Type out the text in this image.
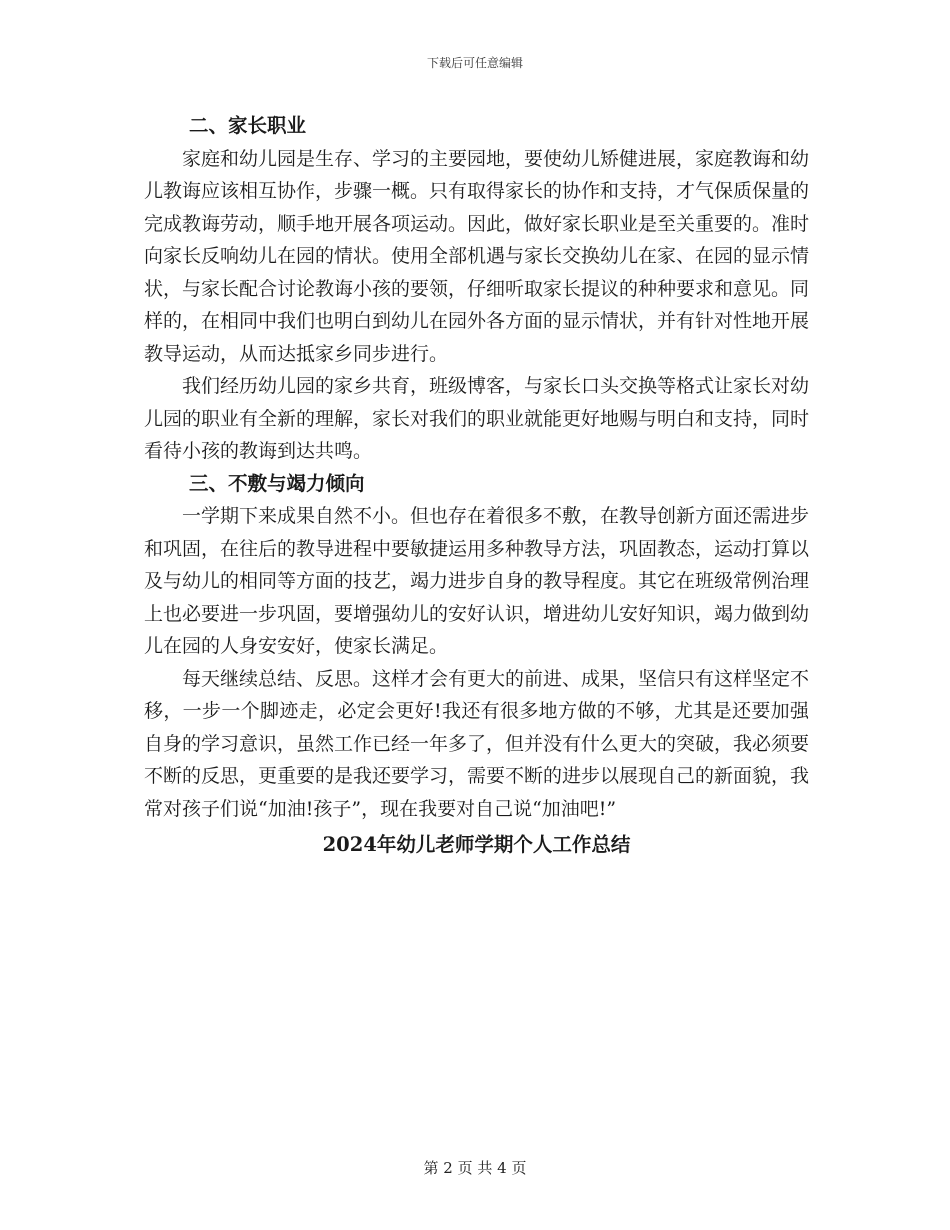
下载后可任意编辑

二、家长职业

家庭和幼儿园是生存、学习的主要园地，要使幼儿矫健进展，家庭教诲和幼儿教诲应该相互协作，步骤一概。只有取得家长的协作和支持，才气保质保量的完成教诲劳动，顺手地开展各项运动。因此，做好家长职业是至关重要的。准时向家长反响幼儿在园的情状。使用全部机遇与家长交换幼儿在家、在园的显示情状，与家长配合讨论教诲小孩的要领，仔细听取家长提议的种种要求和意见。同样的，在相同中我们也明白到幼儿在园外各方面的显示情状，并有针对性地开展教导运动，从而达抵家乡同步进行。

我们经历幼儿园的家乡共育，班级博客，与家长口头交换等格式让家长对幼儿园的职业有全新的理解，家长对我们的职业就能更好地赐与明白和支持，同时看待小孩的教诲到达共鸣。

三、不敷与竭力倾向

一学期下来成果自然不小。但也存在着很多不敷，在教导创新方面还需进步和巩固，在往后的教导进程中要敏捷运用多种教导方法，巩固教态，运动打算以及与幼儿的相同等方面的技艺，竭力进步自身的教导程度。其它在班级常例治理上也必要进一步巩固，要增强幼儿的安好认识，增进幼儿安好知识，竭力做到幼儿在园的人身安安好，使家长满足。

每天继续总结、反思。这样才会有更大的前进、成果，坚信只有这样坚定不移，一步一个脚迹走，必定会更好!我还有很多地方做的不够，尤其是还要加强自身的学习意识，虽然工作已经一年多了，但并没有什么更大的突破，我必须要不断的反思，更重要的是我还要学习，需要不断的进步以展现自己的新面貌，我常对孩子们说“加油!孩子”，现在我要对自己说“加油吧!”

2024年幼儿老师学期个人工作总结

第 2 页 共 4 页
